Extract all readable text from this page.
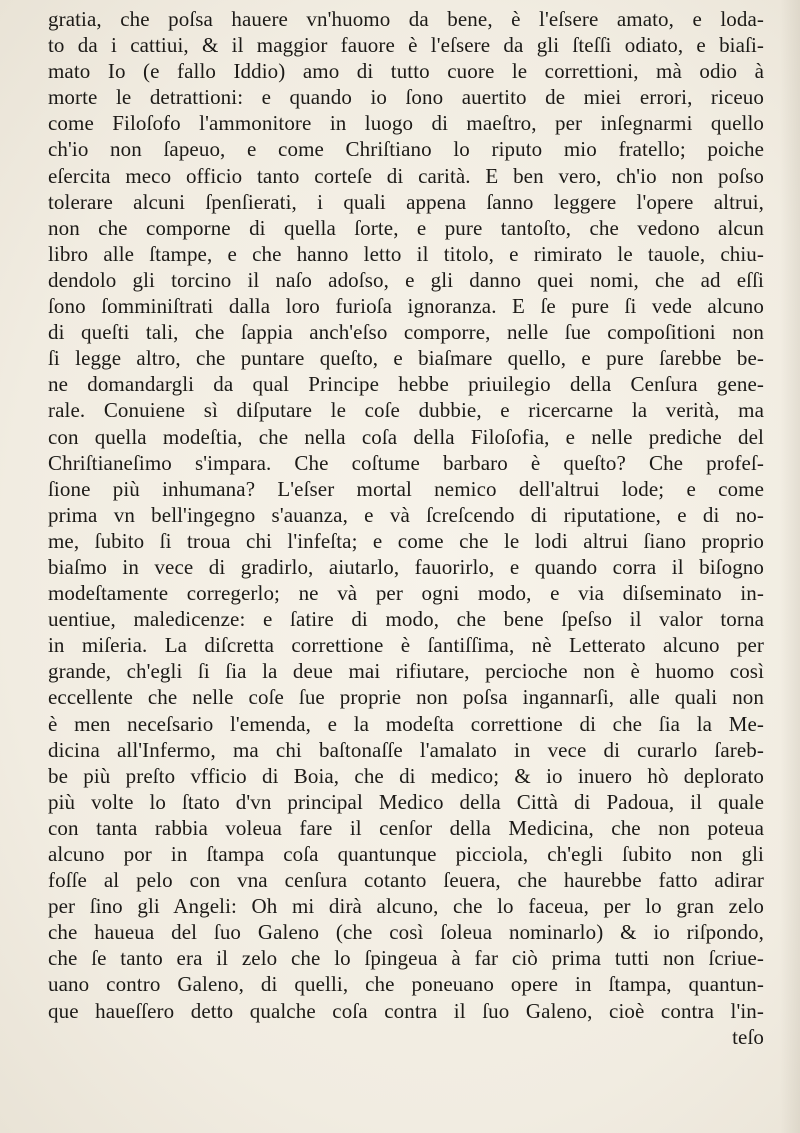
gratia, che poſsa hauere vn'huomo da bene, è l'eſsere amato, e loda-
to da i cattiui, & il maggior fauore è l'eſsere da gli ſteſſi odiato, e biaſi-
mato Io (e fallo Iddio) amo di tutto cuore le correttioni, mà odio à
morte le detrattioni: e quando io ſono auertito de miei errori, riceuo
come Filoſofo l'ammonitore in luogo di maeſtro, per inſegnarmi quello
ch'io non ſapeuo, e come Chriſtiano lo riputo mio fratello; poiche
eſercita meco officio tanto corteſe di carità. E ben vero, ch'io non poſso
tolerare alcuni ſpenſierati, i quali appena ſanno leggere l'opere altrui,
non che comporne di quella ſorte, e pure tantoſto, che vedono alcun
libro alle ſtampe, e che hanno letto il titolo, e rimirato le tauole, chiu-
dendolo gli torcino il naſo adoſso, e gli danno quei nomi, che ad eſſi
ſono ſomminiſtrati dalla loro furioſa ignoranza. E ſe pure ſi vede alcuno
di queſti tali, che ſappia anch'eſso comporre, nelle ſue compoſitioni non
ſi legge altro, che puntare queſto, e biaſmare quello, e pure ſarebbe be-
ne domandargli da qual Principe hebbe priuilegio della Cenſura gene-
rale. Conuiene sì diſputare le coſe dubbie, e ricercarne la verità, ma
con quella modeſtia, che nella coſa della Filoſofia, e nelle prediche del
Chriſtianeſimo s'impara. Che coſtume barbaro è queſto? Che profeſ-
ſione più inhumana? L'eſser mortal nemico dell'altrui lode; e come
prima vn bell'ingegno s'auanza, e và ſcreſcendo di riputatione, e di no-
me, ſubito ſi troua chi l'infeſta; e come che le lodi altrui ſiano proprio
biaſmo in vece di gradirlo, aiutarlo, fauorirlo, e quando corra il biſogno
modeſtamente corregerlo; ne và per ogni modo, e via diſseminato in-
uentiue, maledicenze: e ſatire di modo, che bene ſpeſso il valor torna
in miſeria. La diſcretta correttione è ſantiſſima, nè Letterato alcuno per
grande, ch'egli ſi ſia la deue mai rifiutare, percioche non è huomo così
eccellente che nelle coſe ſue proprie non poſsa ingannarſi, alle quali non
è men neceſsario l'emenda, e la modeſta correttione di che ſia la Me-
dicina all'Infermo, ma chi baſtonaſſe l'amalato in vece di curarlo ſareb-
be più preſto vfficio di Boia, che di medico; & io inuero hò deplorato
più volte lo ſtato d'vn principal Medico della Città di Padoua, il quale
con tanta rabbia voleua fare il cenſor della Medicina, che non poteua
alcuno por in ſtampa coſa quantunque picciola, ch'egli ſubito non gli
foſſe al pelo con vna cenſura cotanto ſeuera, che haurebbe fatto adirar
per ſino gli Angeli: Oh mi dirà alcuno, che lo faceua, per lo gran zelo
che haueua del ſuo Galeno (che così ſoleua nominarlo) & io riſpondo,
che ſe tanto era il zelo che lo ſpingeua à far ciò prima tutti non ſcriue-
uano contro Galeno, di quelli, che poneuano opere in ſtampa, quantun-
que haueſſero detto qualche coſa contra il ſuo Galeno, cioè contra l'in-
teſo
